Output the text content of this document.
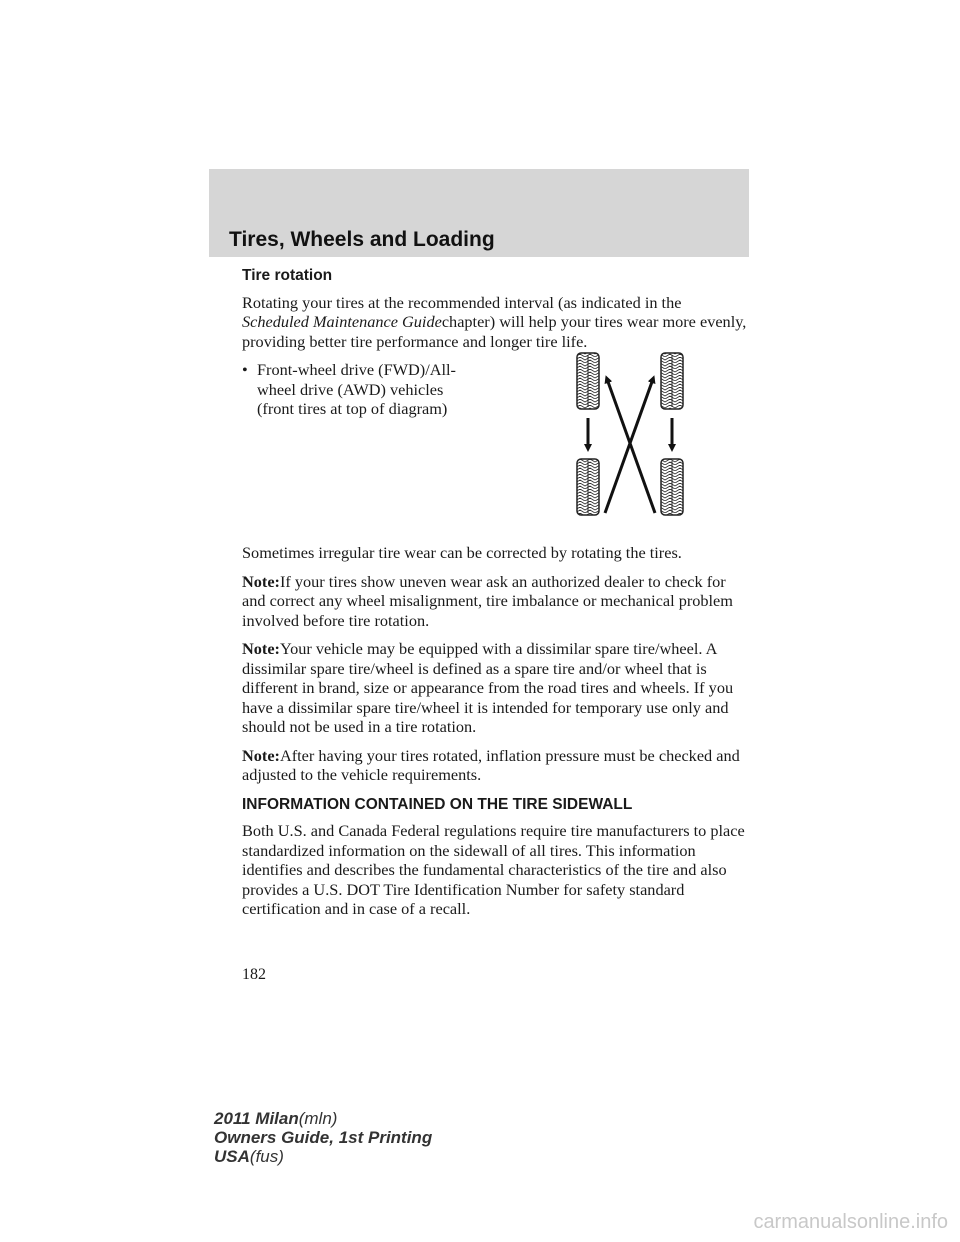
Tires, Wheels and Loading
Tire rotation

Rotating your tires at the recommended interval (as indicated in the Scheduled Maintenance Guidechapter) will help your tires wear more evenly, providing better tire performance and longer tire life.

• Front-wheel drive (FWD)/All-wheel drive (AWD) vehicles (front tires at top of diagram)

Sometimes irregular tire wear can be corrected by rotating the tires.

Note:If your tires show uneven wear ask an authorized dealer to check for and correct any wheel misalignment, tire imbalance or mechanical problem involved before tire rotation.

Note:Your vehicle may be equipped with a dissimilar spare tire/wheel. A dissimilar spare tire/wheel is defined as a spare tire and/or wheel that is different in brand, size or appearance from the road tires and wheels. If you have a dissimilar spare tire/wheel it is intended for temporary use only and should not be used in a tire rotation.

Note:After having your tires rotated, inflation pressure must be checked and adjusted to the vehicle requirements.

INFORMATION CONTAINED ON THE TIRE SIDEWALL

Both U.S. and Canada Federal regulations require tire manufacturers to place standardized information on the sidewall of all tires. This information identifies and describes the fundamental characteristics of the tire and also provides a U.S. DOT Tire Identification Number for safety standard certification and in case of a recall.

182
2011 Milan(mln)
Owners Guide, 1st Printing
USA(fus)
carmanualsonline.info
